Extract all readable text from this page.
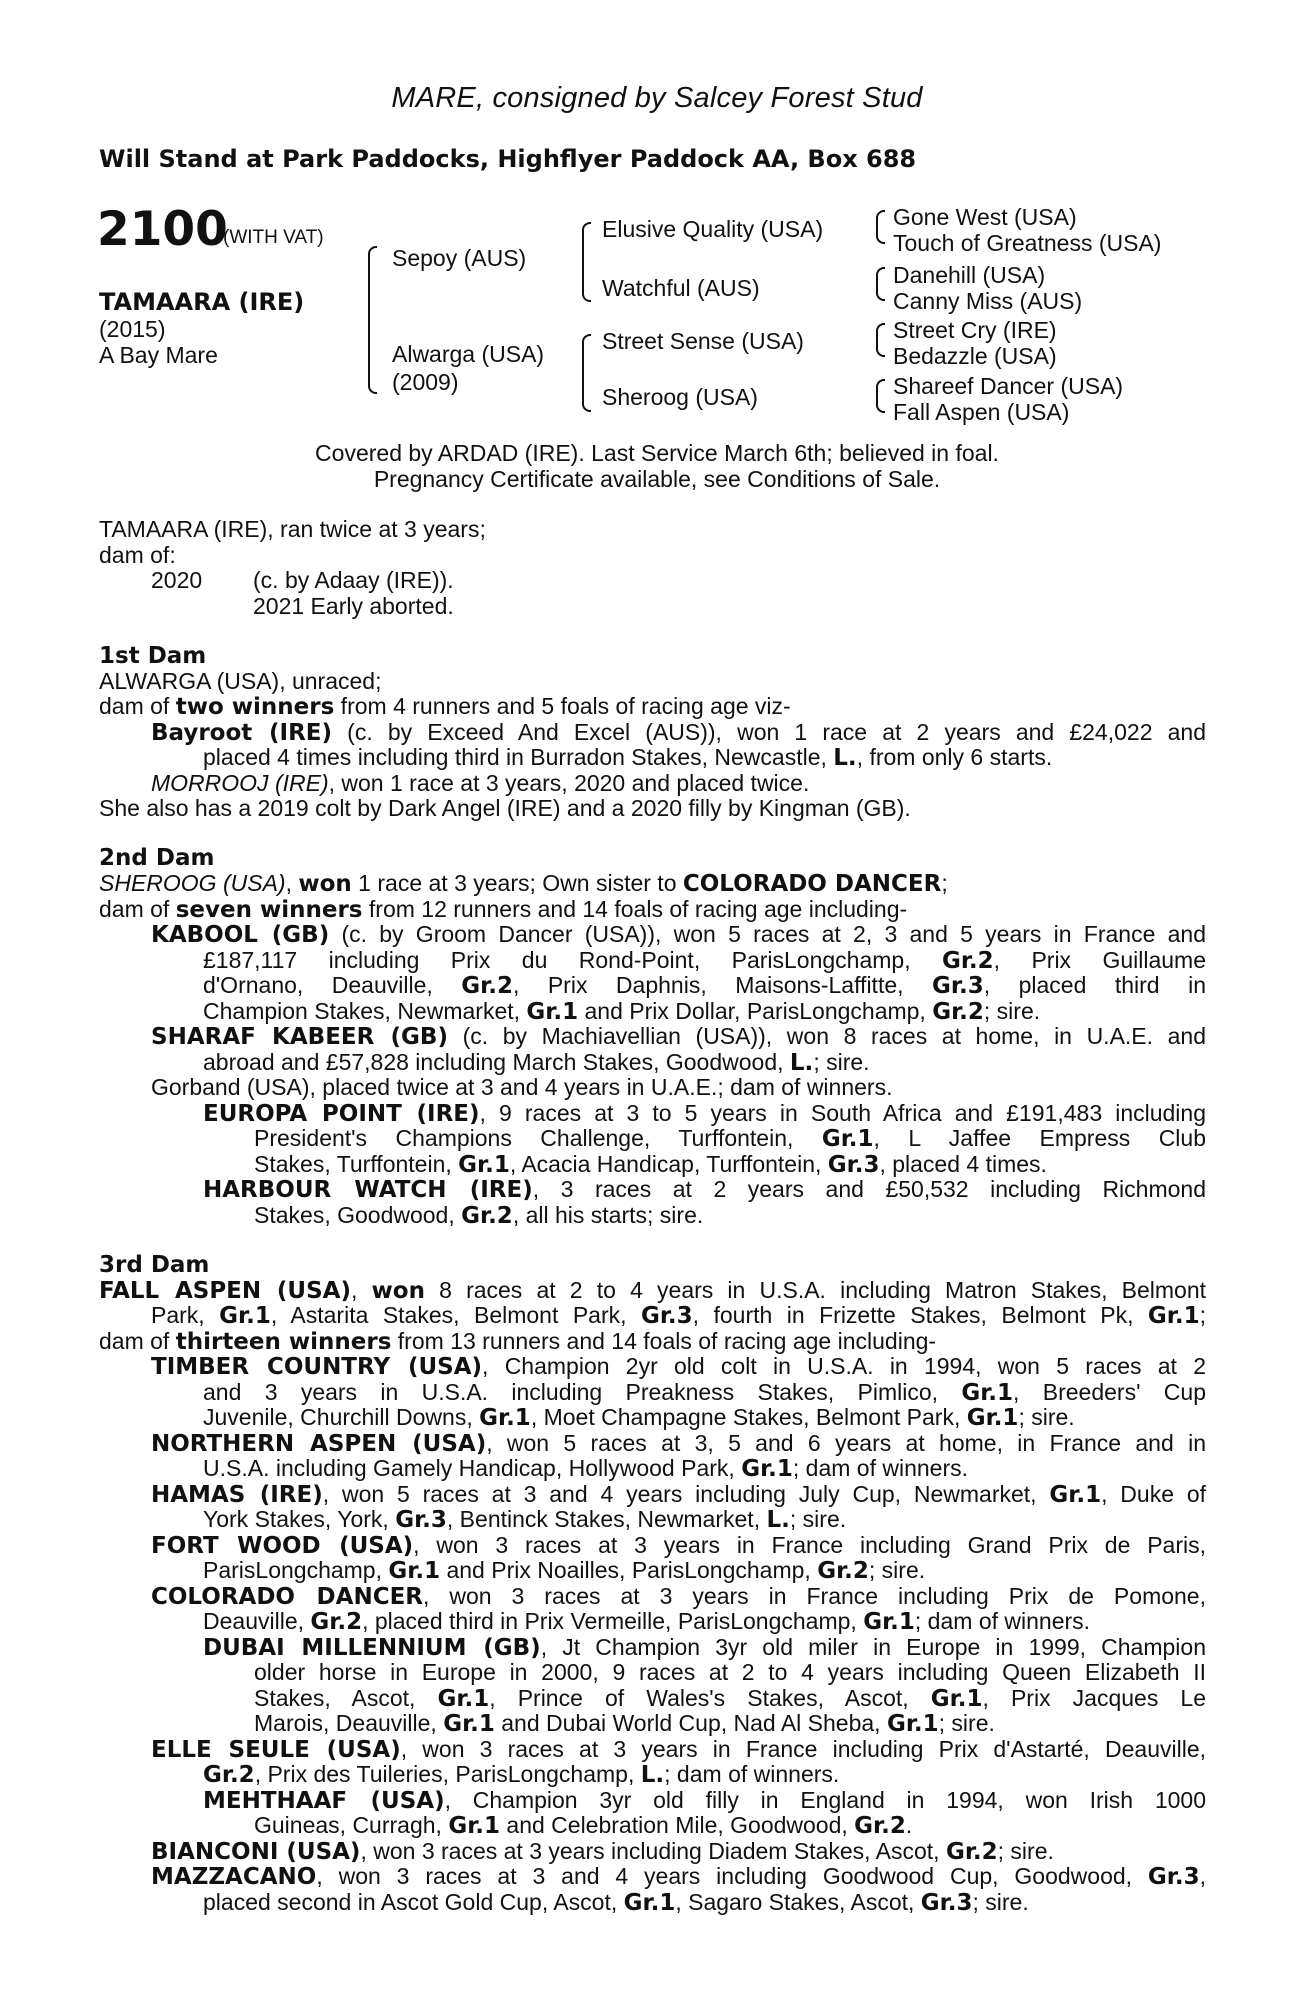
MARE, consigned by Salcey Forest Stud
Will Stand at Park Paddocks, Highflyer Paddock AA, Box 688
2100
(WITH VAT)
TAMAARA (IRE)
(2015)
A Bay Mare
Sepoy (AUS)
Alwarga (USA)
(2009)
Elusive Quality (USA)
Watchful (AUS)
Street Sense (USA)
Sheroog (USA)
Gone West (USA)
Touch of Greatness (USA)
Danehill (USA)
Canny Miss (AUS)
Street Cry (IRE)
Bedazzle (USA)
Shareef Dancer (USA)
Fall Aspen (USA)
Covered by ARDAD (IRE). Last Service March 6th; believed in foal.
Pregnancy Certificate available, see Conditions of Sale.
TAMAARA (IRE), ran twice at 3 years;
dam of:
2020 (c. by Adaay (IRE)).
2021 Early aborted.
1st Dam
ALWARGA (USA), unraced;
dam of two winners from 4 runners and 5 foals of racing age viz-
Bayroot (IRE) (c. by Exceed And Excel (AUS)), won 1 race at 2 years and £24,022 and
placed 4 times including third in Burradon Stakes, Newcastle, L., from only 6 starts.
MORROOJ (IRE), won 1 race at 3 years, 2020 and placed twice.
She also has a 2019 colt by Dark Angel (IRE) and a 2020 filly by Kingman (GB).
2nd Dam
SHEROOG (USA), won 1 race at 3 years; Own sister to COLORADO DANCER;
dam of seven winners from 12 runners and 14 foals of racing age including-
KABOOL (GB) (c. by Groom Dancer (USA)), won 5 races at 2, 3 and 5 years in France and
£187,117 including Prix du Rond-Point, ParisLongchamp, Gr.2, Prix Guillaume
d'Ornano, Deauville, Gr.2, Prix Daphnis, Maisons-Laffitte, Gr.3, placed third in
Champion Stakes, Newmarket, Gr.1 and Prix Dollar, ParisLongchamp, Gr.2; sire.
SHARAF KABEER (GB) (c. by Machiavellian (USA)), won 8 races at home, in U.A.E. and
abroad and £57,828 including March Stakes, Goodwood, L.; sire.
Gorband (USA), placed twice at 3 and 4 years in U.A.E.; dam of winners.
EUROPA POINT (IRE), 9 races at 3 to 5 years in South Africa and £191,483 including
President's Champions Challenge, Turffontein, Gr.1, L Jaffee Empress Club
Stakes, Turffontein, Gr.1, Acacia Handicap, Turffontein, Gr.3, placed 4 times.
HARBOUR WATCH (IRE), 3 races at 2 years and £50,532 including Richmond
Stakes, Goodwood, Gr.2, all his starts; sire.
3rd Dam
FALL ASPEN (USA), won 8 races at 2 to 4 years in U.S.A. including Matron Stakes, Belmont
Park, Gr.1, Astarita Stakes, Belmont Park, Gr.3, fourth in Frizette Stakes, Belmont Pk, Gr.1;
dam of thirteen winners from 13 runners and 14 foals of racing age including-
TIMBER COUNTRY (USA), Champion 2yr old colt in U.S.A. in 1994, won 5 races at 2
and 3 years in U.S.A. including Preakness Stakes, Pimlico, Gr.1, Breeders' Cup
Juvenile, Churchill Downs, Gr.1, Moet Champagne Stakes, Belmont Park, Gr.1; sire.
NORTHERN ASPEN (USA), won 5 races at 3, 5 and 6 years at home, in France and in
U.S.A. including Gamely Handicap, Hollywood Park, Gr.1; dam of winners.
HAMAS (IRE), won 5 races at 3 and 4 years including July Cup, Newmarket, Gr.1, Duke of
York Stakes, York, Gr.3, Bentinck Stakes, Newmarket, L.; sire.
FORT WOOD (USA), won 3 races at 3 years in France including Grand Prix de Paris,
ParisLongchamp, Gr.1 and Prix Noailles, ParisLongchamp, Gr.2; sire.
COLORADO DANCER, won 3 races at 3 years in France including Prix de Pomone,
Deauville, Gr.2, placed third in Prix Vermeille, ParisLongchamp, Gr.1; dam of winners.
DUBAI MILLENNIUM (GB), Jt Champion 3yr old miler in Europe in 1999, Champion
older horse in Europe in 2000, 9 races at 2 to 4 years including Queen Elizabeth II
Stakes, Ascot, Gr.1, Prince of Wales's Stakes, Ascot, Gr.1, Prix Jacques Le
Marois, Deauville, Gr.1 and Dubai World Cup, Nad Al Sheba, Gr.1; sire.
ELLE SEULE (USA), won 3 races at 3 years in France including Prix d'Astarté, Deauville,
Gr.2, Prix des Tuileries, ParisLongchamp, L.; dam of winners.
MEHTHAAF (USA), Champion 3yr old filly in England in 1994, won Irish 1000
Guineas, Curragh, Gr.1 and Celebration Mile, Goodwood, Gr.2.
BIANCONI (USA), won 3 races at 3 years including Diadem Stakes, Ascot, Gr.2; sire.
MAZZACANO, won 3 races at 3 and 4 years including Goodwood Cup, Goodwood, Gr.3,
placed second in Ascot Gold Cup, Ascot, Gr.1, Sagaro Stakes, Ascot, Gr.3; sire.
